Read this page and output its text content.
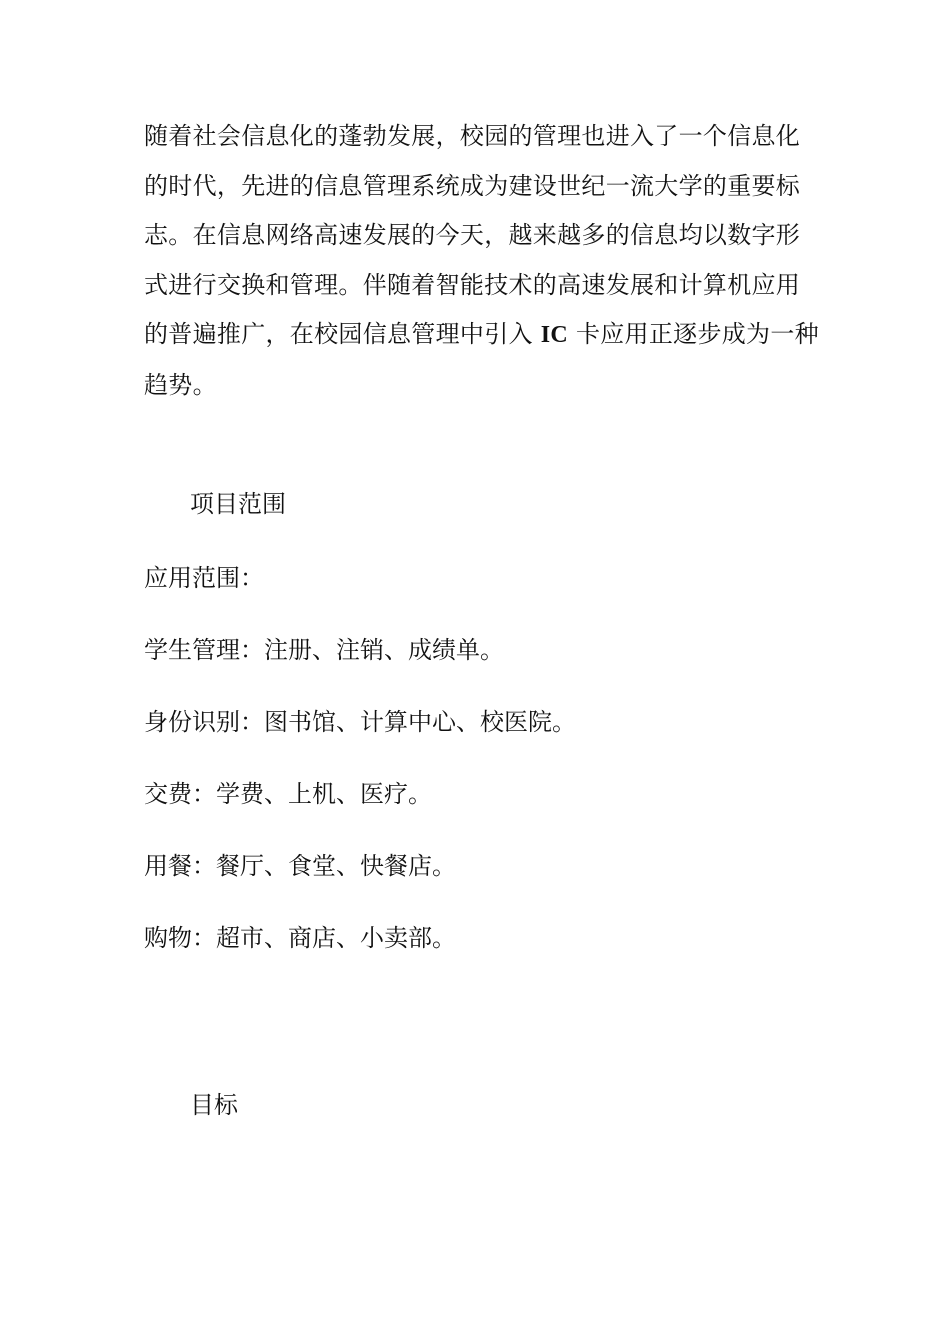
随着社会信息化的蓬勃发展，校园的管理也进入了一个信息化的时代，先进的信息管理系统成为建设世纪一流大学的重要标志。在信息网络高速发展的今天，越来越多的信息均以数字形式进行交换和管理。伴随着智能技术的高速发展和计算机应用的普遍推广，在校园信息管理中引入 IC 卡应用正逐步成为一种趋势。

项目范围

应用范围：

学生管理：注册、注销、成绩单。

身份识别：图书馆、计算中心、校医院。

交费：学费、上机、医疗。

用餐：餐厅、食堂、快餐店。

购物：超市、商店、小卖部。

目标
